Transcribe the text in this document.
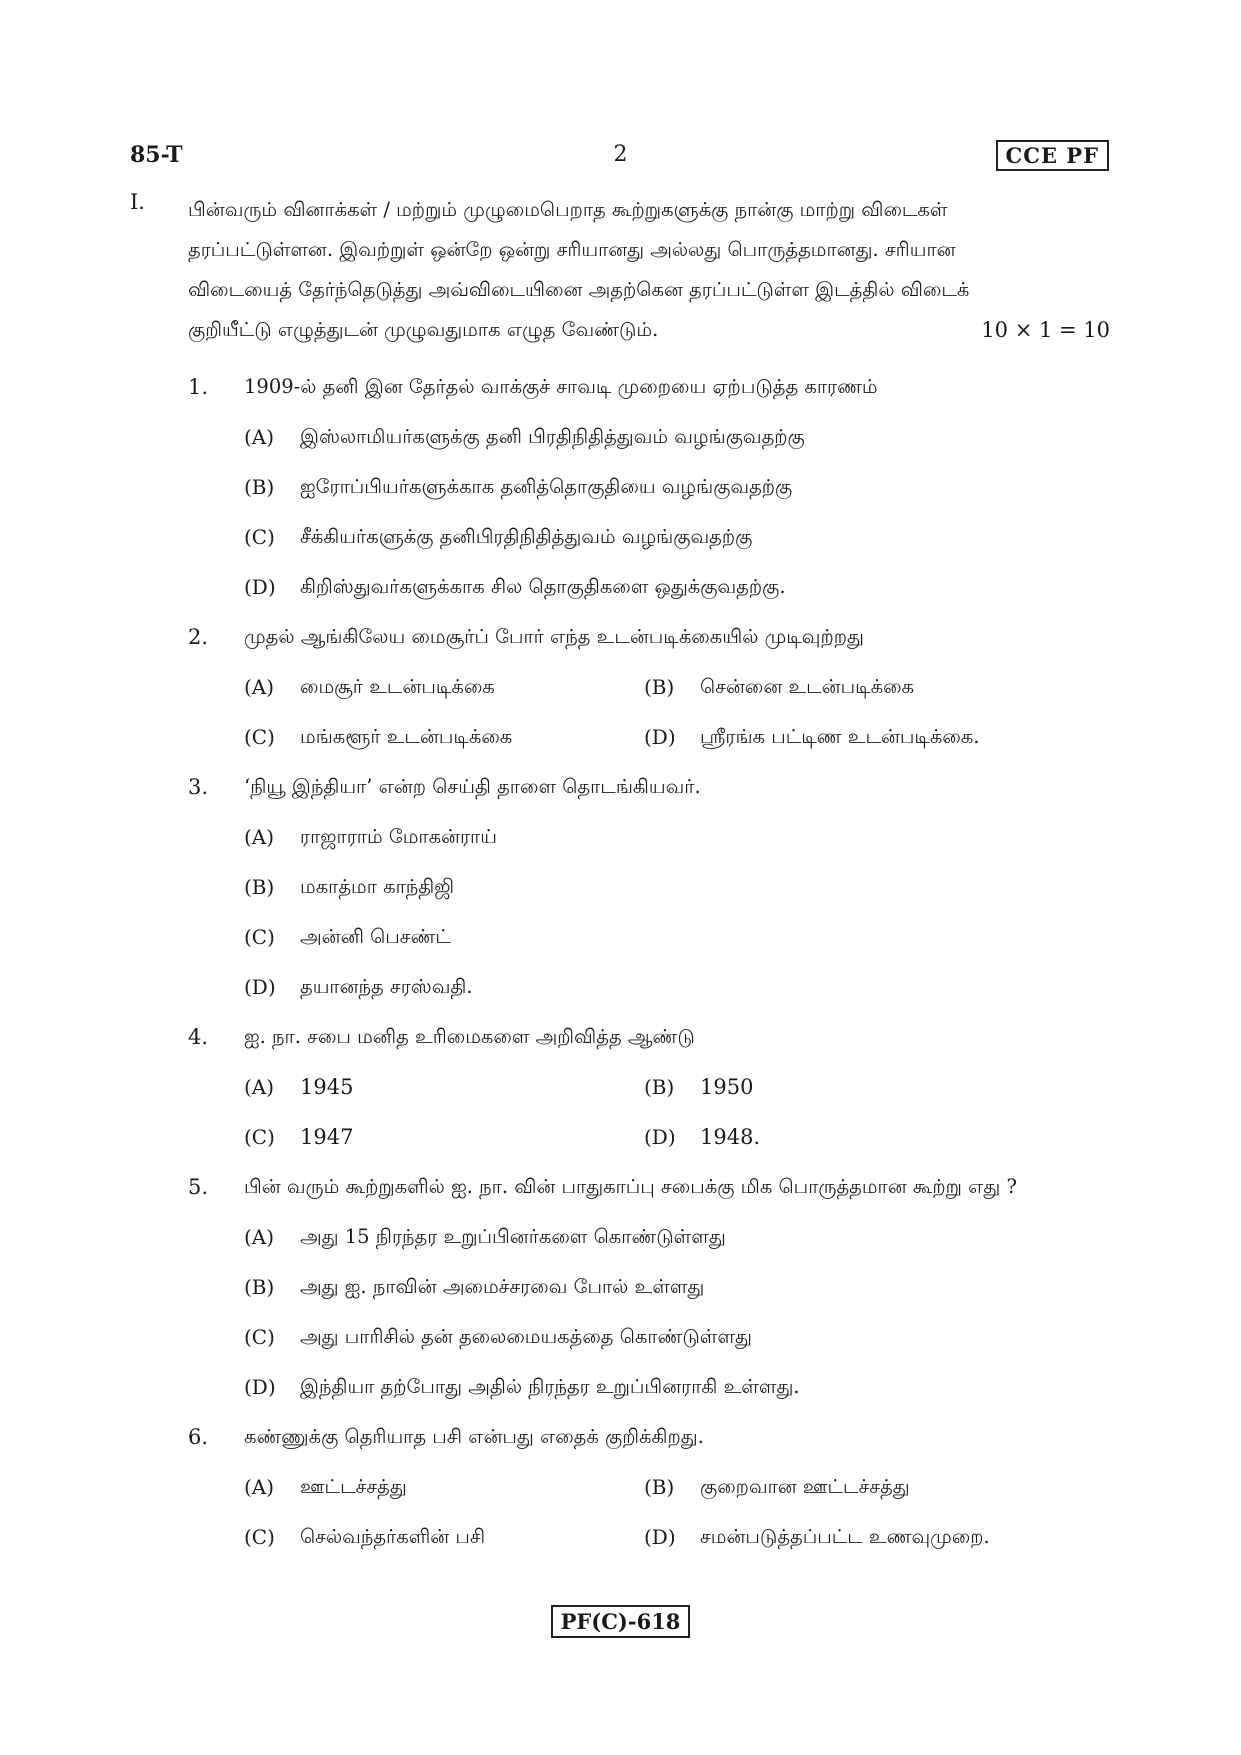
85-T	2	CCE PF
I. பின்வரும் வினாக்கள் / மற்றும் முழுமைபெறாத கூற்றுகளுக்கு நான்கு மாற்று விடைகள்
தரப்பட்டுள்ளன. இவற்றுள் ஒன்றே ஒன்று சரியானது அல்லது பொருத்தமானது. சரியான
விடையைத் தேர்ந்தெடுத்து அவ்விடையினை அதற்கென தரப்பட்டுள்ள இடத்தில் விடைக்
குறியீட்டு எழுத்துடன் முழுவதுமாக எழுத வேண்டும்.	10 × 1 = 10
1.	1909-ல் தனி இன தேர்தல் வாக்குச் சாவடி முறையை ஏற்படுத்த காரணம்
(A)	இஸ்லாமியர்களுக்கு தனி பிரதிநிதித்துவம் வழங்குவதற்கு
(B)	ஐரோப்பியர்களுக்காக தனித்தொகுதியை வழங்குவதற்கு
(C)	சீக்கியர்களுக்கு தனிபிரதிநிதித்துவம் வழங்குவதற்கு
(D)	கிறிஸ்துவர்களுக்காக சில தொகுதிகளை ஒதுக்குவதற்கு.
2.	முதல் ஆங்கிலேய மைசூர்ப் போர் எந்த உடன்படிக்கையில் முடிவுற்றது
(A)	மைசூர் உடன்படிக்கை	(B)	சென்னை உடன்படிக்கை
(C)	மங்களூர் உடன்படிக்கை	(D)	ஸ்ரீரங்க பட்டிண உடன்படிக்கை.
3.	‘நியூ இந்தியா’ என்ற செய்தி தாளை தொடங்கியவர்.
(A)	ராஜாராம் மோகன்ராய்
(B)	மகாத்மா காந்திஜி
(C)	அன்னி பெசண்ட்
(D)	தயானந்த சரஸ்வதி.
4.	ஐ. நா. சபை மனித உரிமைகளை அறிவித்த ஆண்டு
(A)	1945	(B)	1950
(C)	1947	(D)	1948.
5.	பின் வரும் கூற்றுகளில் ஐ. நா. வின் பாதுகாப்பு சபைக்கு மிக பொருத்தமான கூற்று எது ?
(A)	அது 15 நிரந்தர உறுப்பினர்களை கொண்டுள்ளது
(B)	அது ஐ. நாவின் அமைச்சரவை போல் உள்ளது
(C)	அது பாரிசில் தன் தலைமையகத்தை கொண்டுள்ளது
(D)	இந்தியா தற்போது அதில் நிரந்தர உறுப்பினராகி உள்ளது.
6.	கண்ணுக்கு தெரியாத பசி என்பது எதைக் குறிக்கிறது.
(A)	ஊட்டச்சத்து	(B)	குறைவான ஊட்டச்சத்து
(C)	செல்வந்தர்களின் பசி	(D)	சமன்படுத்தப்பட்ட உணவுமுறை.
PF(C)-618
